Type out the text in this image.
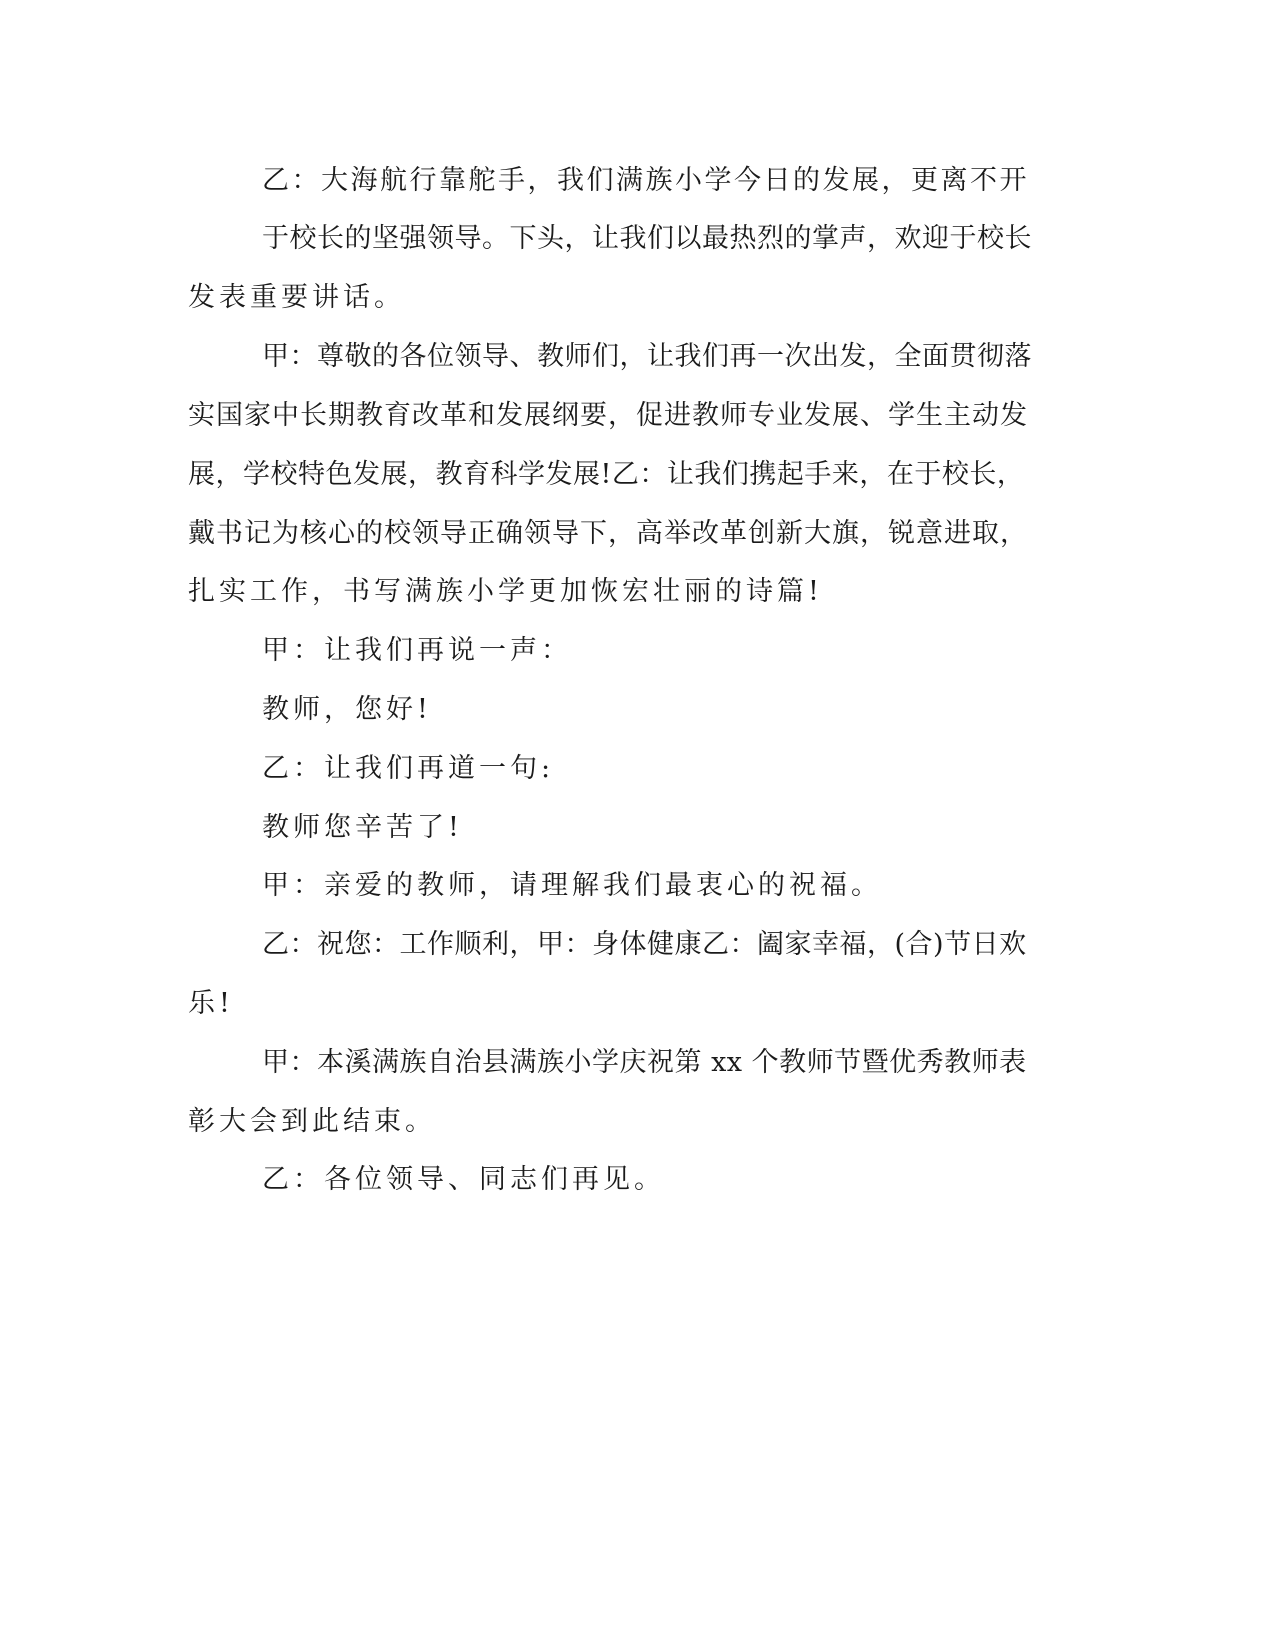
乙：大海航行靠舵手，我们满族小学今日的发展，更离不开
于校长的坚强领导。下头，让我们以最热烈的掌声，欢迎于校长
发表重要讲话。
甲：尊敬的各位领导、教师们，让我们再一次出发，全面贯彻落
实国家中长期教育改革和发展纲要，促进教师专业发展、学生主动发
展，学校特色发展，教育科学发展!乙：让我们携起手来，在于校长，
戴书记为核心的校领导正确领导下，高举改革创新大旗，锐意进取，
扎实工作，书写满族小学更加恢宏壮丽的诗篇!
甲：让我们再说一声：
教师，您好!
乙：让我们再道一句:
教师您辛苦了!
甲：亲爱的教师，请理解我们最衷心的祝福。
乙：祝您：工作顺利，甲：身体健康乙：阖家幸福，(合)节日欢
乐!
甲：本溪满族自治县满族小学庆祝第 xx 个教师节暨优秀教师表
彰大会到此结束。
乙：各位领导、同志们再见。
